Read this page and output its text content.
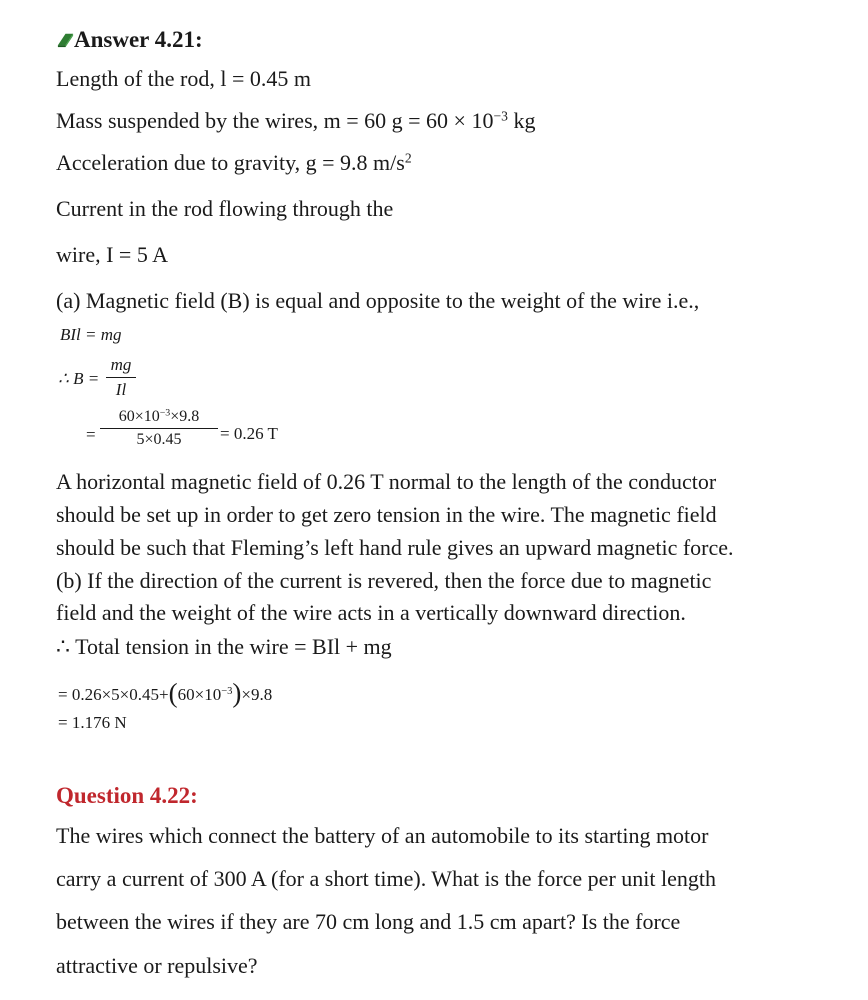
Answer 4.21:
Length of the rod, l = 0.45 m
Mass suspended by the wires, m = 60 $g = 60 \times 10^{-3}$ kg
Acceleration due to gravity, g = 9.8 $m/s^2$
Current in the rod flowing through the
wire, I = 5 A
(a) Magnetic field (B) is equal and opposite to the weight of the wire i.e.,
BIl = mg
∴ B =
mg
Il
=
$60\times 10^{-3}\times 9.8$
5×0.45	= 0.26 T
A horizontal magnetic field of 0.26 T normal to the length of the conductor
should be set up in order to get zero tension in the wire. The magnetic field
should be such that Fleming’s left hand rule gives an upward magnetic force.
(b) If the direction of the current is revered, then the force due to magnetic
field and the weight of the wire acts in a vertically downward direction.
∴ Total tension in the wire = BIl + mg
= $0.26\times 5\times 0.45+(60\times 10^{-3})\times 9.8$
= 1.176 N
Question 4.22:
The wires which connect the battery of an automobile to its starting motor
carry a current of 300 A (for a short time). What is the force per unit length
between the wires if they are 70 cm long and 1.5 cm apart? Is the force
attractive or repulsive?
